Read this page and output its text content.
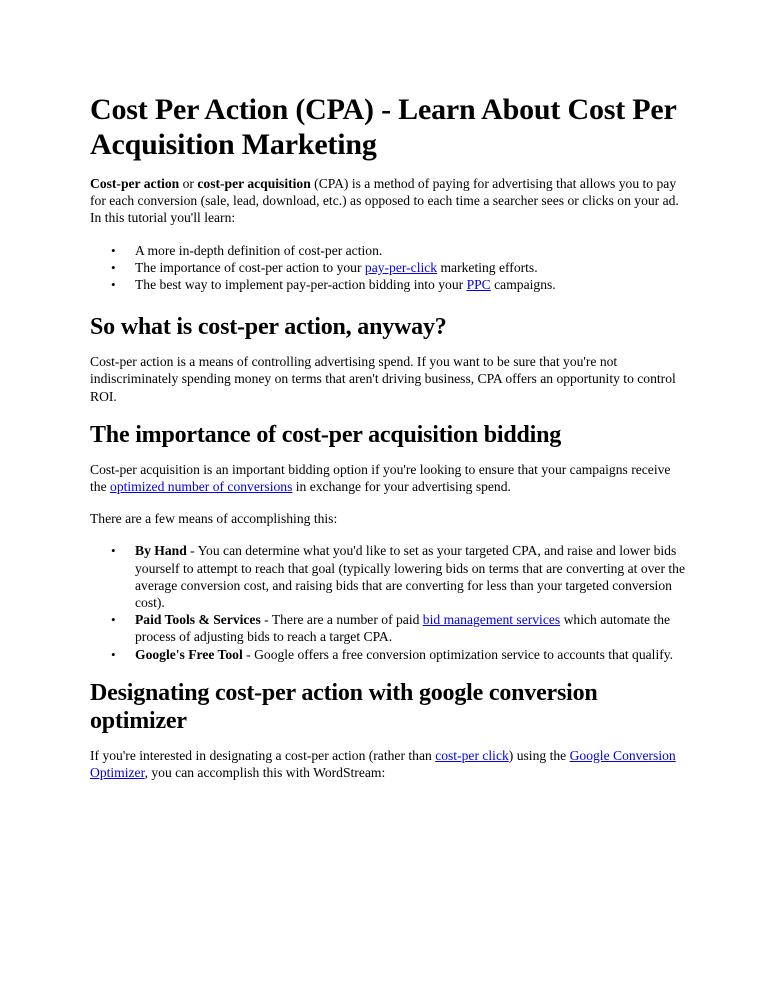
Cost Per Action (CPA) - Learn About Cost Per Acquisition Marketing

Cost-per action or cost-per acquisition (CPA) is a method of paying for advertising that allows you to pay for each conversion (sale, lead, download, etc.) as opposed to each time a searcher sees or clicks on your ad. In this tutorial you'll learn:

• A more in-depth definition of cost-per action.
• The importance of cost-per action to your pay-per-click marketing efforts.
• The best way to implement pay-per-action bidding into your PPC campaigns.
So what is cost-per action, anyway?

Cost-per action is a means of controlling advertising spend. If you want to be sure that you're not indiscriminately spending money on terms that aren't driving business, CPA offers an opportunity to control ROI.

The importance of cost-per acquisition bidding

Cost-per acquisition is an important bidding option if you're looking to ensure that your campaigns receive the optimized number of conversions in exchange for your advertising spend.

There are a few means of accomplishing this:

• By Hand - You can determine what you'd like to set as your targeted CPA, and raise and lower bids yourself to attempt to reach that goal (typically lowering bids on terms that are converting at over the average conversion cost, and raising bids that are converting for less than your targeted conversion cost).
• Paid Tools & Services - There are a number of paid bid management services which automate the process of adjusting bids to reach a target CPA.
• Google's Free Tool - Google offers a free conversion optimization service to accounts that qualify.
Designating cost-per action with google conversion optimizer

If you're interested in designating a cost-per action (rather than cost-per click) using the Google Conversion Optimizer, you can accomplish this with WordStream:
